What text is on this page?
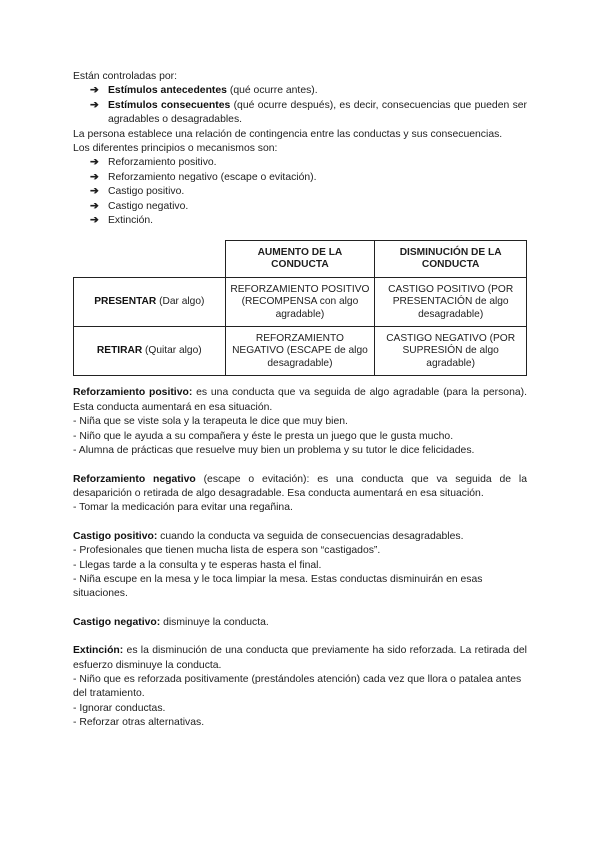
Están controladas por:

➔ Estímulos antecedentes (qué ocurre antes).
➔ Estímulos consecuentes (qué ocurre después), es decir, consecuencias que pueden ser agradables o desagradables.

La persona establece una relación de contingencia entre las conductas y sus consecuencias.

Los diferentes principios o mecanismos son:

➔ Reforzamiento positivo.
➔ Reforzamiento negativo (escape o evitación).
➔ Castigo positivo.
➔ Castigo negativo.
➔ Extinción.
	AUMENTO DE LA CONDUCTA	DISMINUCIÓN DE LA CONDUCTA
PRESENTAR (Dar algo)	REFORZAMIENTO POSITIVO (RECOMPENSA con algo agradable)	CASTIGO POSITIVO (POR PRESENTACIÓN de algo desagradable)
RETIRAR (Quitar algo)	REFORZAMIENTO NEGATIVO (ESCAPE de algo desagradable)	CASTIGO NEGATIVO (POR SUPRESIÓN de algo agradable)

Reforzamiento positivo: es una conducta que va seguida de algo agradable (para la persona). Esta conducta aumentará en esa situación.

- Niña que se viste sola y la terapeuta le dice que muy bien.

- Niño que le ayuda a su compañera y éste le presta un juego que le gusta mucho.

- Alumna de prácticas que resuelve muy bien un problema y su tutor le dice felicidades.

Reforzamiento negativo (escape o evitación): es una conducta que va seguida de la desaparición o retirada de algo desagradable. Esa conducta aumentará en esa situación.

- Tomar la medicación para evitar una regañina.

Castigo positivo: cuando la conducta va seguida de consecuencias desagradables.

- Profesionales que tienen mucha lista de espera son “castigados”.

- Llegas tarde a la consulta y te esperas hasta el final.

- Niña escupe en la mesa y le toca limpiar la mesa. Estas conductas disminuirán en esas situaciones.

Castigo negativo: disminuye la conducta.

Extinción: es la disminución de una conducta que previamente ha sido reforzada. La retirada del esfuerzo disminuye la conducta.

- Niño que es reforzada positivamente (prestándoles atención) cada vez que llora o patalea antes del tratamiento.

- Ignorar conductas.

- Reforzar otras alternativas.
